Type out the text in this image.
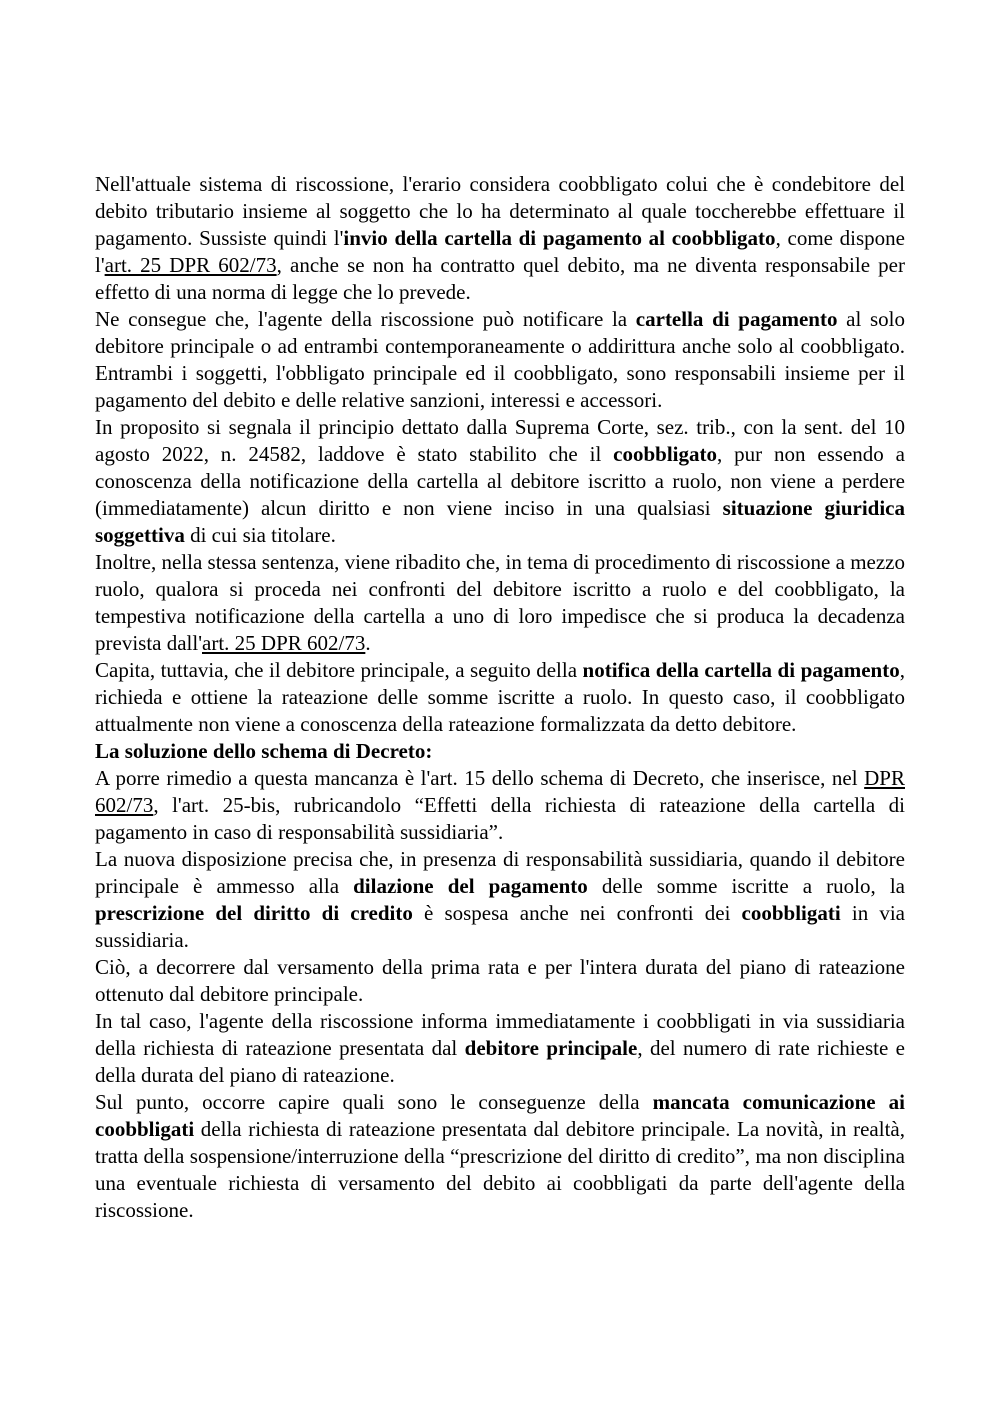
Nell'attuale sistema di riscossione, l'erario considera coobbligato colui che è condebitore del debito tributario insieme al soggetto che lo ha determinato al quale toccherebbe effettuare il pagamento. Sussiste quindi l'invio della cartella di pagamento al coobbligato, come dispone l'art. 25 DPR 602/73, anche se non ha contratto quel debito, ma ne diventa responsabile per effetto di una norma di legge che lo prevede.

Ne consegue che, l'agente della riscossione può notificare la cartella di pagamento al solo debitore principale o ad entrambi contemporaneamente o addirittura anche solo al coobbligato. Entrambi i soggetti, l'obbligato principale ed il coobbligato, sono responsabili insieme per il pagamento del debito e delle relative sanzioni, interessi e accessori.

In proposito si segnala il principio dettato dalla Suprema Corte, sez. trib., con la sent. del 10 agosto 2022, n. 24582, laddove è stato stabilito che il coobbligato, pur non essendo a conoscenza della notificazione della cartella al debitore iscritto a ruolo, non viene a perdere (immediatamente) alcun diritto e non viene inciso in una qualsiasi situazione giuridica soggettiva di cui sia titolare.

Inoltre, nella stessa sentenza, viene ribadito che, in tema di procedimento di riscossione a mezzo ruolo, qualora si proceda nei confronti del debitore iscritto a ruolo e del coobbligato, la tempestiva notificazione della cartella a uno di loro impedisce che si produca la decadenza prevista dall'art. 25 DPR 602/73.

Capita, tuttavia, che il debitore principale, a seguito della notifica della cartella di pagamento, richieda e ottiene la rateazione delle somme iscritte a ruolo. In questo caso, il coobbligato attualmente non viene a conoscenza della rateazione formalizzata da detto debitore.

La soluzione dello schema di Decreto:

A porre rimedio a questa mancanza è l'art. 15 dello schema di Decreto, che inserisce, nel DPR 602/73, l'art. 25-bis, rubricandolo “Effetti della richiesta di rateazione della cartella di pagamento in caso di responsabilità sussidiaria”.

La nuova disposizione precisa che, in presenza di responsabilità sussidiaria, quando il debitore principale è ammesso alla dilazione del pagamento delle somme iscritte a ruolo, la prescrizione del diritto di credito è sospesa anche nei confronti dei coobbligati in via sussidiaria.

Ciò, a decorrere dal versamento della prima rata e per l'intera durata del piano di rateazione ottenuto dal debitore principale.

In tal caso, l'agente della riscossione informa immediatamente i coobbligati in via sussidiaria della richiesta di rateazione presentata dal debitore principale, del numero di rate richieste e della durata del piano di rateazione.

Sul punto, occorre capire quali sono le conseguenze della mancata comunicazione ai coobbligati della richiesta di rateazione presentata dal debitore principale. La novità, in realtà, tratta della sospensione/interruzione della “prescrizione del diritto di credito”, ma non disciplina una eventuale richiesta di versamento del debito ai coobbligati da parte dell'agente della riscossione.
